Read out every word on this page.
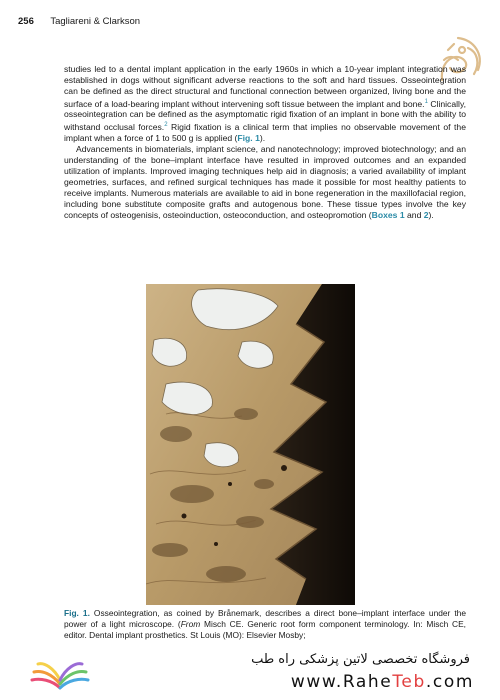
256 Tagliareni & Clarkson

studies led to a dental implant application in the early 1960s in which a 10-year implant integration was established in dogs without significant adverse reactions to the soft and hard tissues. Osseointegration can be defined as the direct structural and functional connection between organized, living bone and the surface of a load-bearing implant without intervening soft tissue between the implant and bone.$^1$ Clinically, osseointegration can be defined as the asymptomatic rigid fixation of an implant in bone with the ability to withstand occlusal forces.$^2$ Rigid fixation is a clinical term that implies no observable movement of the implant when a force of 1 to 500 g is applied (Fig. 1).

Advancements in biomaterials, implant science, and nanotechnology; improved biotechnology; and an understanding of the bone–implant interface have resulted in improved outcomes and an expanded utilization of implants. Improved imaging techniques help aid in diagnosis; a varied availability of implant geometries, surfaces, and refined surgical techniques has made it possible for most healthy patients to receive implants. Numerous materials are available to aid in bone regeneration in the maxillofacial region, including bone substitute composite grafts and autogenous bone. These tissue types involve the key concepts of osteogenisis, osteoinduction, osteoconduction, and osteopromotion (Boxes 1 and 2).

Fig. 1. Osseointegration, as coined by Brånemark, describes a direct bone–implant interface under the power of a light microscope. (From Misch CE. Generic root form component terminology. In: Misch CE, editor. Dental implant prosthetics. St Louis (MO): Elsevier Mosby;
فروشگاه تخصصی لاتین پزشکی راه طب
www.RaheTeb.com
